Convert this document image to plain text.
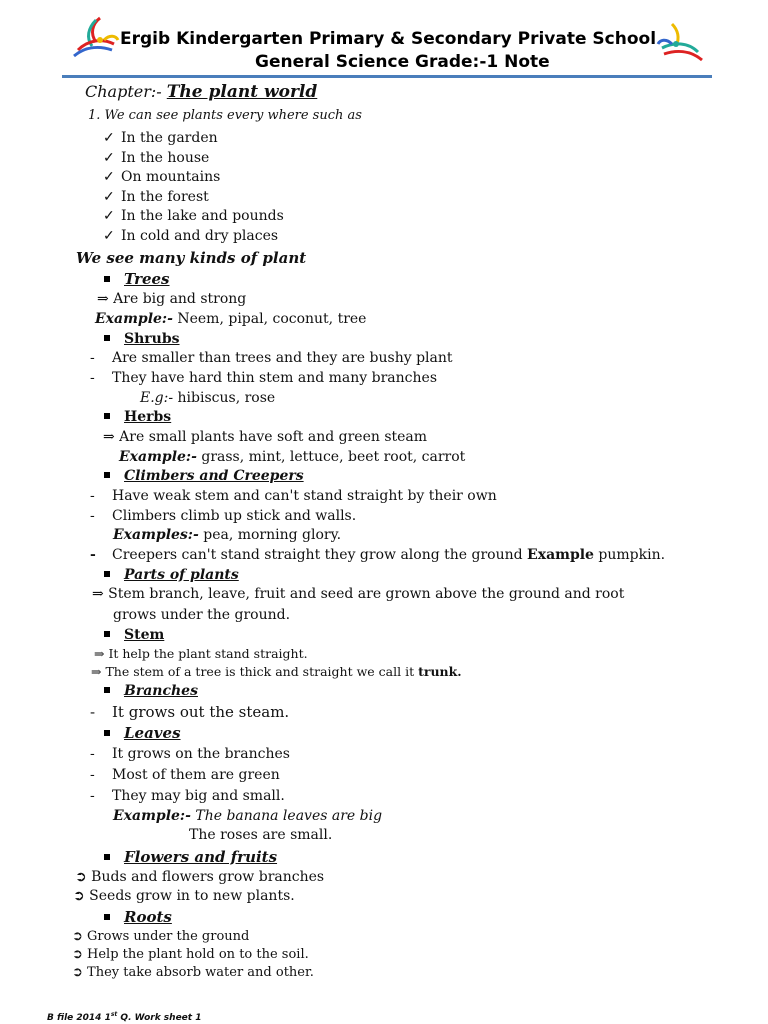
Ergib Kindergarten Primary & Secondary Private School
General Science Grade:-1 Note
Chapter:- The plant world
1. We can see plants every where such as
✓ In the garden
✓ In the house
✓ On mountains
✓ In the forest
✓ In the lake and pounds
✓ In cold and dry places
We see many kinds of plant
Trees
⇒ Are big and strong
Example:- Neem, pipal, coconut, tree
Shrubs
- Are smaller than trees and they are bushy plant
- They have hard thin stem and many branches
E.g:- hibiscus, rose
Herbs
⇒ Are small plants have soft and green steam
Example:- grass, mint, lettuce, beet root, carrot
Climbers and Creepers
- Have weak stem and can't stand straight by their own
- Climbers climb up stick and walls.
Examples:- pea, morning glory.
- Creepers can't stand straight they grow along the ground Example pumpkin.
Parts of plants
⇒ Stem branch, leave, fruit and seed are grown above the ground and root
grows under the ground.
Stem
⇒ It help the plant stand straight.
⇒ The stem of a tree is thick and straight we call it trunk.
Branches
- It grows out the steam.
Leaves
- It grows on the branches
- Most of them are green
- They may big and small.
Example:- The banana leaves are big
The roses are small.
Flowers and fruits
➲ Buds and flowers grow branches
➲ Seeds grow in to new plants.
Roots
➲ Grows under the ground
➲ Help the plant hold on to the soil.
➲ They take absorb water and other.
B file 2014 1st Q. Work sheet 1
